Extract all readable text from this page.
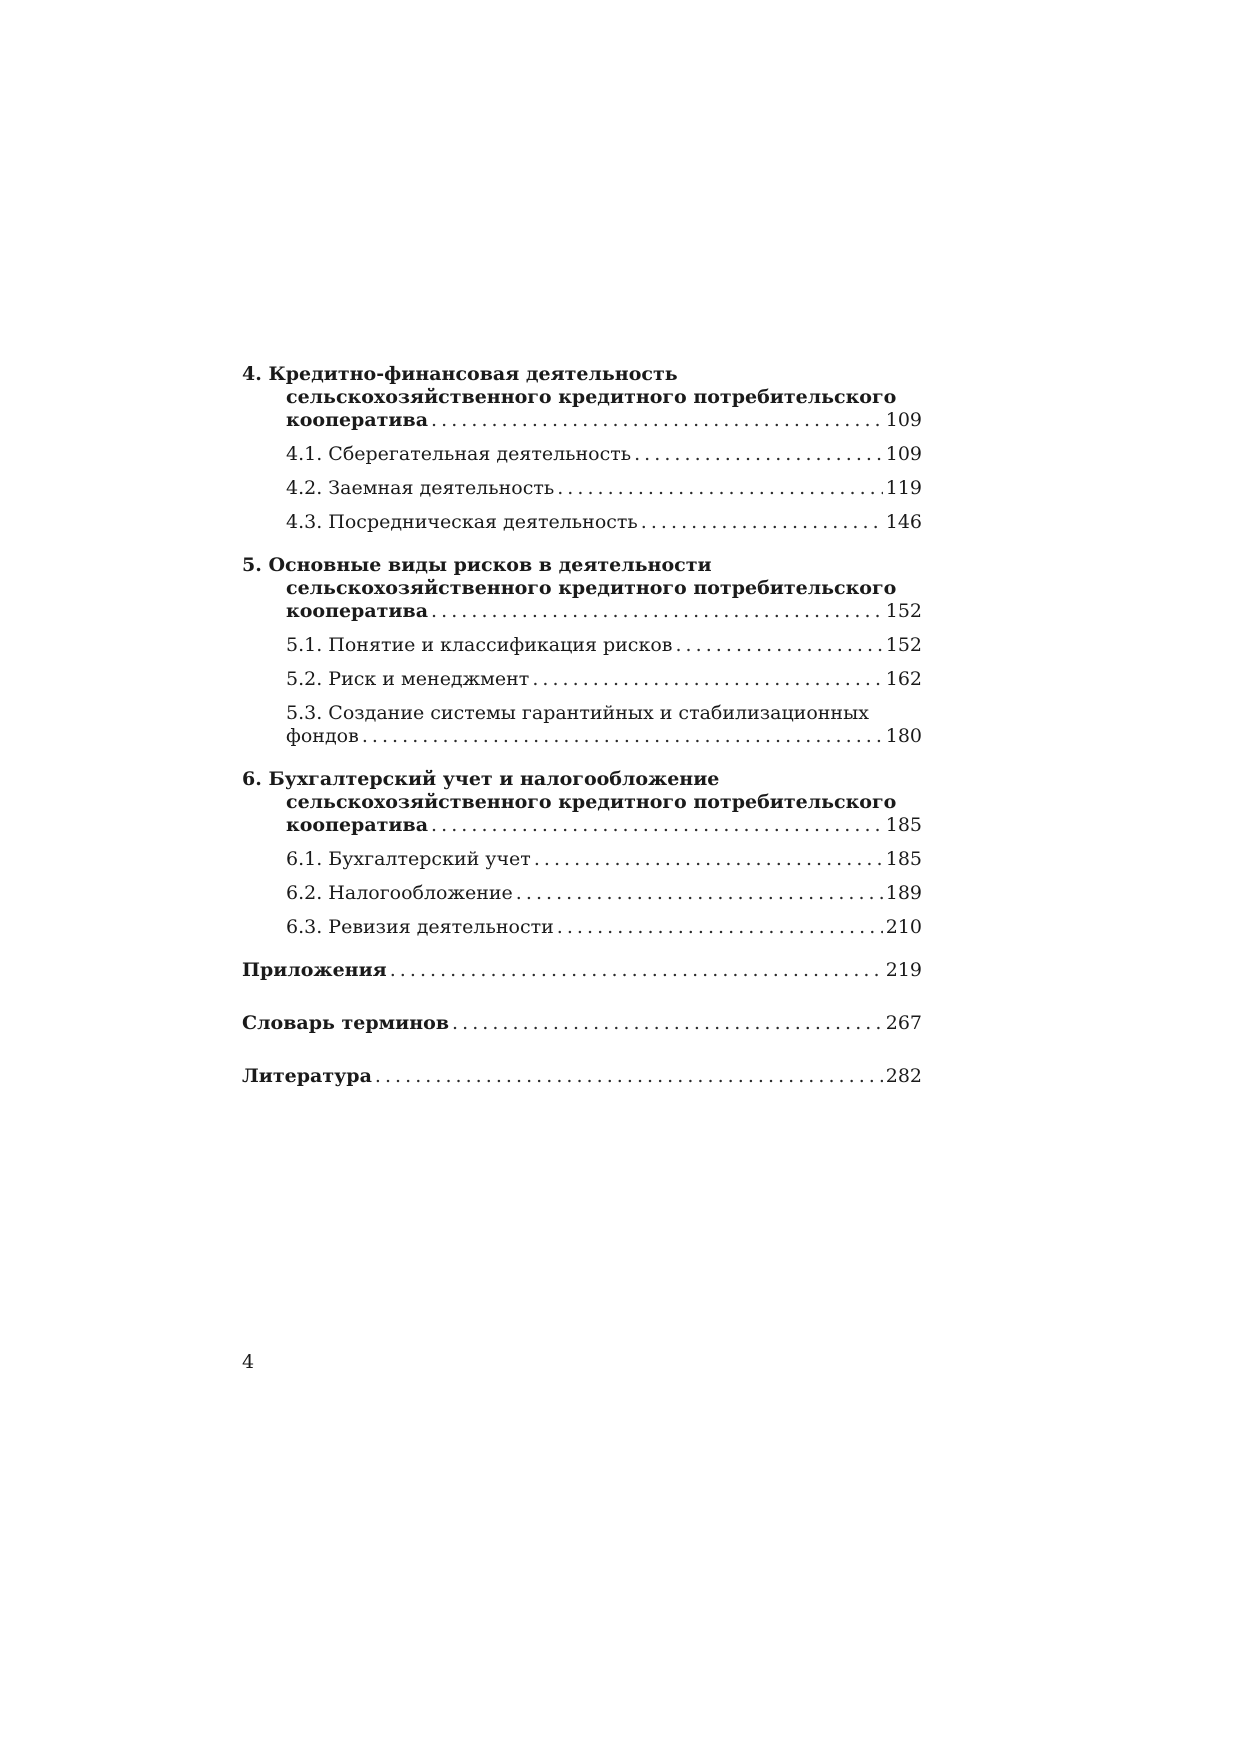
4. Кредитно-финансовая деятельность
сельскохозяйственного кредитного потребительского
кооператива . . .	109
4.1. Сберегательная деятельность . . .	109
4.2. Заемная деятельность . . .	119
4.3. Посредническая деятельность . . .	146
5. Основные виды рисков в деятельности
сельскохозяйственного кредитного потребительского
кооператива . . .	152
5.1. Понятие и классификация рисков . . .	152
5.2. Риск и менеджмент . . .	162
5.3. Создание системы гарантийных и стабилизационных
фондов . . .	180
6. Бухгалтерский учет и налогообложение
сельскохозяйственного кредитного потребительского
кооператива . . .	185
6.1. Бухгалтерский учет . . .	185
6.2. Налогообложение . . .	189
6.3. Ревизия деятельности . . .	210
Приложения . . .	219
Словарь терминов . . .	267
Литература . . .	282
4
